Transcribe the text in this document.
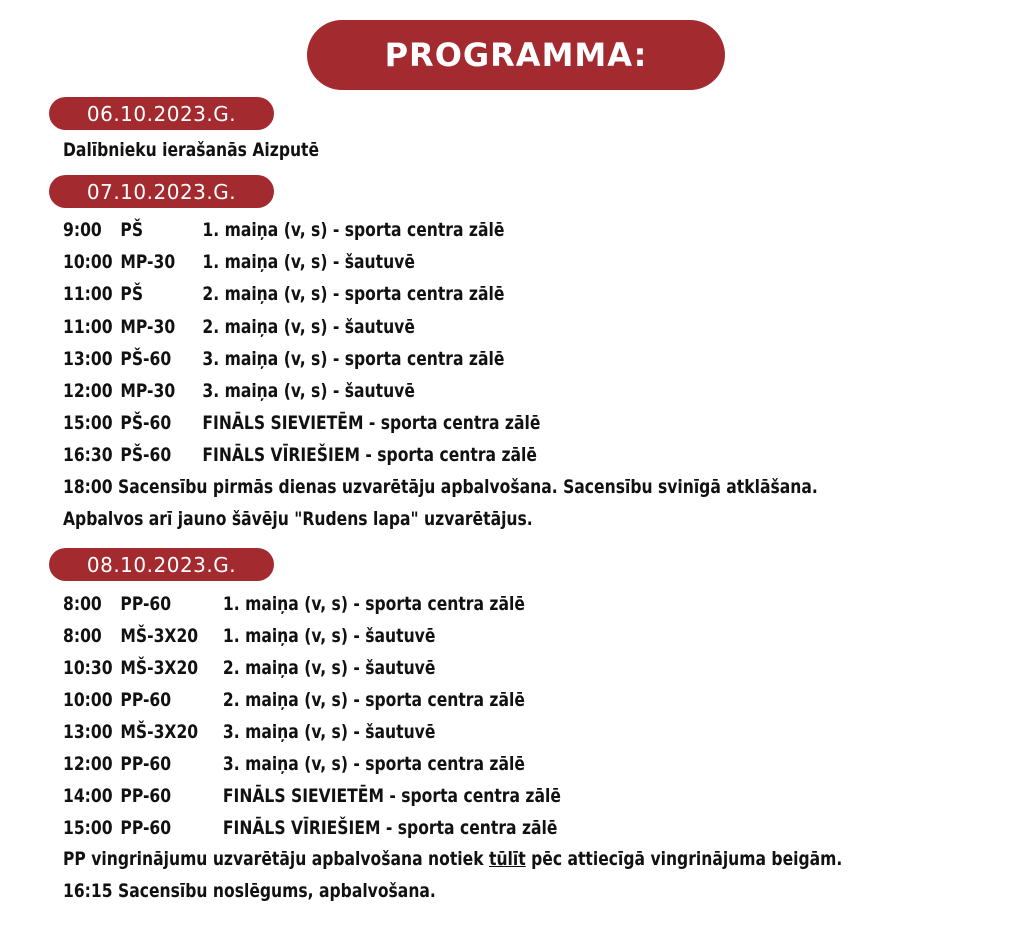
PROGRAMMA:
06.10.2023.G.
Dalībnieku ierašanās Aizputē
07.10.2023.G.
9:00 PŠ	1. maiņa (v, s) - sporta centra zālē
10:00 MP-30 1. maiņa (v, s) - šautuvē
11:00 PŠ	2. maiņa (v, s) - sporta centra zālē
11:00 MP-30 2. maiņa (v, s) - šautuvē
13:00 PŠ-60 3. maiņa (v, s) - sporta centra zālē
12:00 MP-30 3. maiņa (v, s) - šautuvē
15:00 PŠ-60 FINĀLS SIEVIETĒM - sporta centra zālē
16:30 PŠ-60 FINĀLS VĪRIEŠIEM - sporta centra zālē
18:00 Sacensību pirmās dienas uzvarētāju apbalvošana. Sacensību svinīgā atklāšana.
Apbalvos arī jauno šāvēju "Rudens lapa" uzvarētājus.
08.10.2023.G.
8:00 PP-60	1. maiņa (v, s) - sporta centra zālē
8:00 MŠ-3X20 1. maiņa (v, s) - šautuvē
10:30 MŠ-3X20 2. maiņa (v, s) - šautuvē
10:00 PP-60	2. maiņa (v, s) - sporta centra zālē
13:00 MŠ-3X20 3. maiņa (v, s) - šautuvē
12:00 PP-60	3. maiņa (v, s) - sporta centra zālē
14:00 PP-60	FINĀLS SIEVIETĒM - sporta centra zālē
15:00 PP-60	FINĀLS VĪRIEŠIEM - sporta centra zālē
PP vingrinājumu uzvarētāju apbalvošana notiek tūlīt pēc attiecīgā vingrinājuma beigām.
16:15 Sacensību noslēgums, apbalvošana.
